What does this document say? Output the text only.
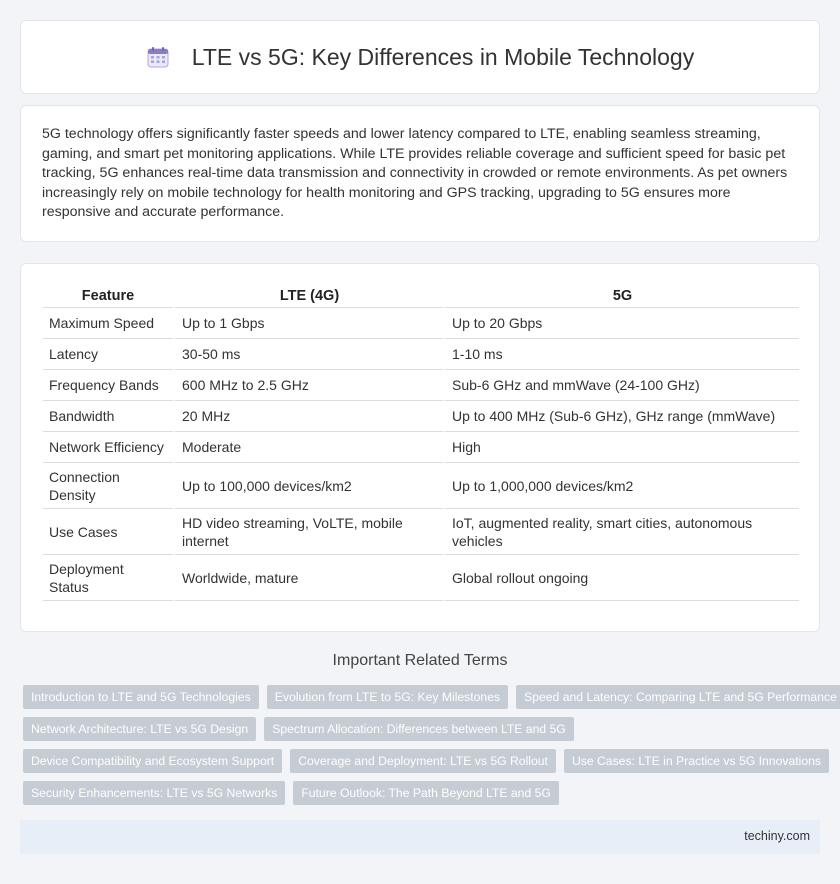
LTE vs 5G: Key Differences in Mobile Technology

5G technology offers significantly faster speeds and lower latency compared to LTE, enabling seamless streaming, gaming, and smart pet monitoring applications. While LTE provides reliable coverage and sufficient speed for basic pet tracking, 5G enhances real-time data transmission and connectivity in crowded or remote environments. As pet owners increasingly rely on mobile technology for health monitoring and GPS tracking, upgrading to 5G ensures more responsive and accurate performance.

Feature	LTE (4G)	5G
Maximum Speed	Up to 1 Gbps	Up to 20 Gbps
Latency	30-50 ms	1-10 ms
Frequency Bands	600 MHz to 2.5 GHz	Sub-6 GHz and mmWave (24-100 GHz)
Bandwidth	20 MHz	Up to 400 MHz (Sub-6 GHz), GHz range (mmWave)
Network Efficiency	Moderate	High
Connection Density	Up to 100,000 devices/km2	Up to 1,000,000 devices/km2
Use Cases	HD video streaming, VoLTE, mobile internet	IoT, augmented reality, smart cities, autonomous vehicles
Deployment Status	Worldwide, mature	Global rollout ongoing
Important Related Terms
Introduction to LTE and 5G Technologies	Evolution from LTE to 5G: Key Milestones	Speed and Latency: Comparing LTE and 5G Performance
Network Architecture: LTE vs 5G Design	Spectrum Allocation: Differences between LTE and 5G
Device Compatibility and Ecosystem Support	Coverage and Deployment: LTE vs 5G Rollout	Use Cases: LTE in Practice vs 5G Innovations
Security Enhancements: LTE vs 5G Networks	Future Outlook: The Path Beyond LTE and 5G
techiny.com
